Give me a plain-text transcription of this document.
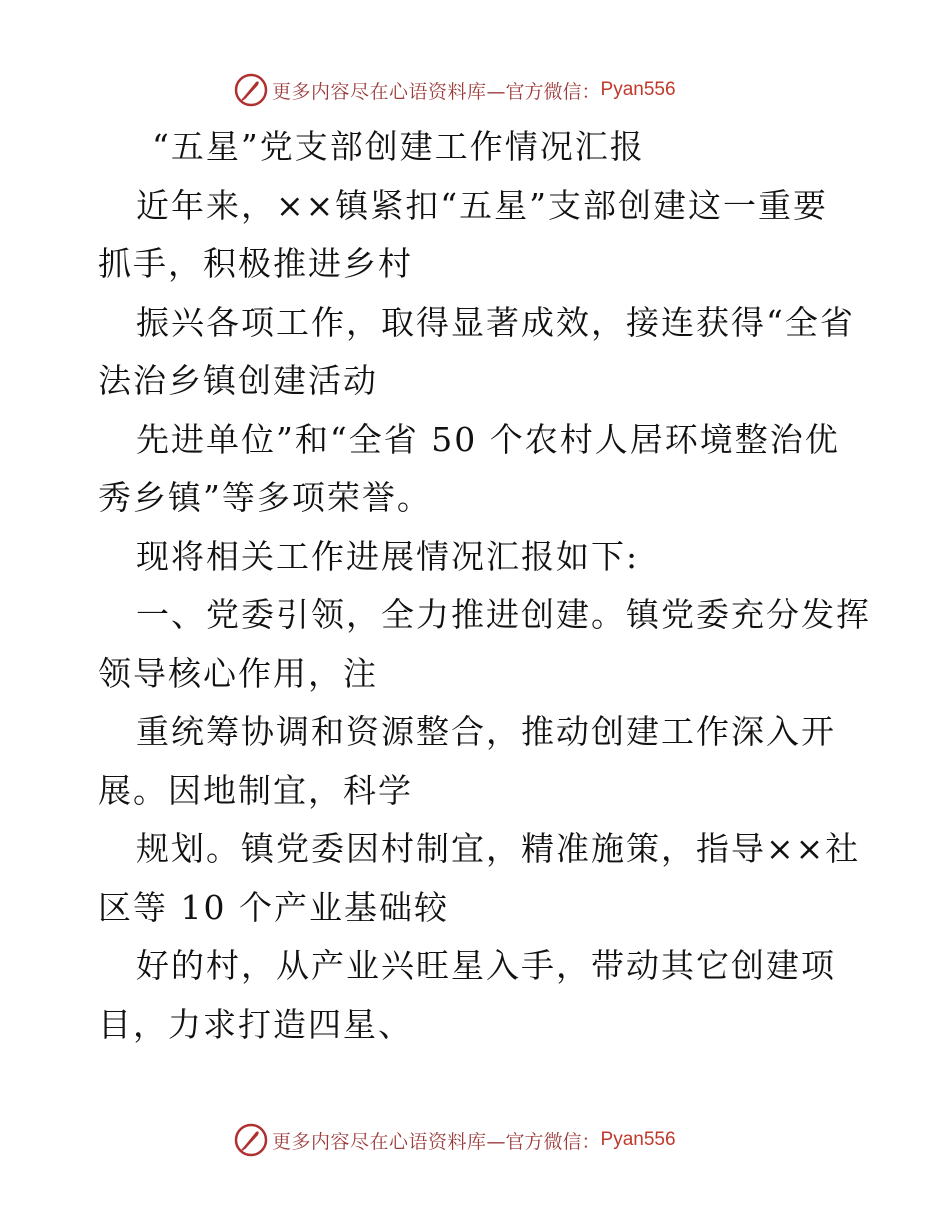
更多内容尽在心语资料库 —官方微信： Pyan556
“五星”党支部创建工作情况汇报
近年来，××镇紧扣“五星”支部创建这一重要
抓手，积极推进乡村
振兴各项工作，取得显著成效，接连获得“全省
法治乡镇创建活动
先进单位”和“全省 50 个农村人居环境整治优
秀乡镇”等多项荣誉。
现将相关工作进展情况汇报如下:
一、党委引领，全力推进创建。镇党委充分发挥
领导核心作用，注
重统筹协调和资源整合，推动创建工作深入开
展。因地制宜，科学
规划。镇党委因村制宜，精准施策，指导××社
区等 10 个产业基础较
好的村，从产业兴旺星入手，带动其它创建项
目，力求打造四星、
更多内容尽在心语资料库 —官方微信： Pyan556
